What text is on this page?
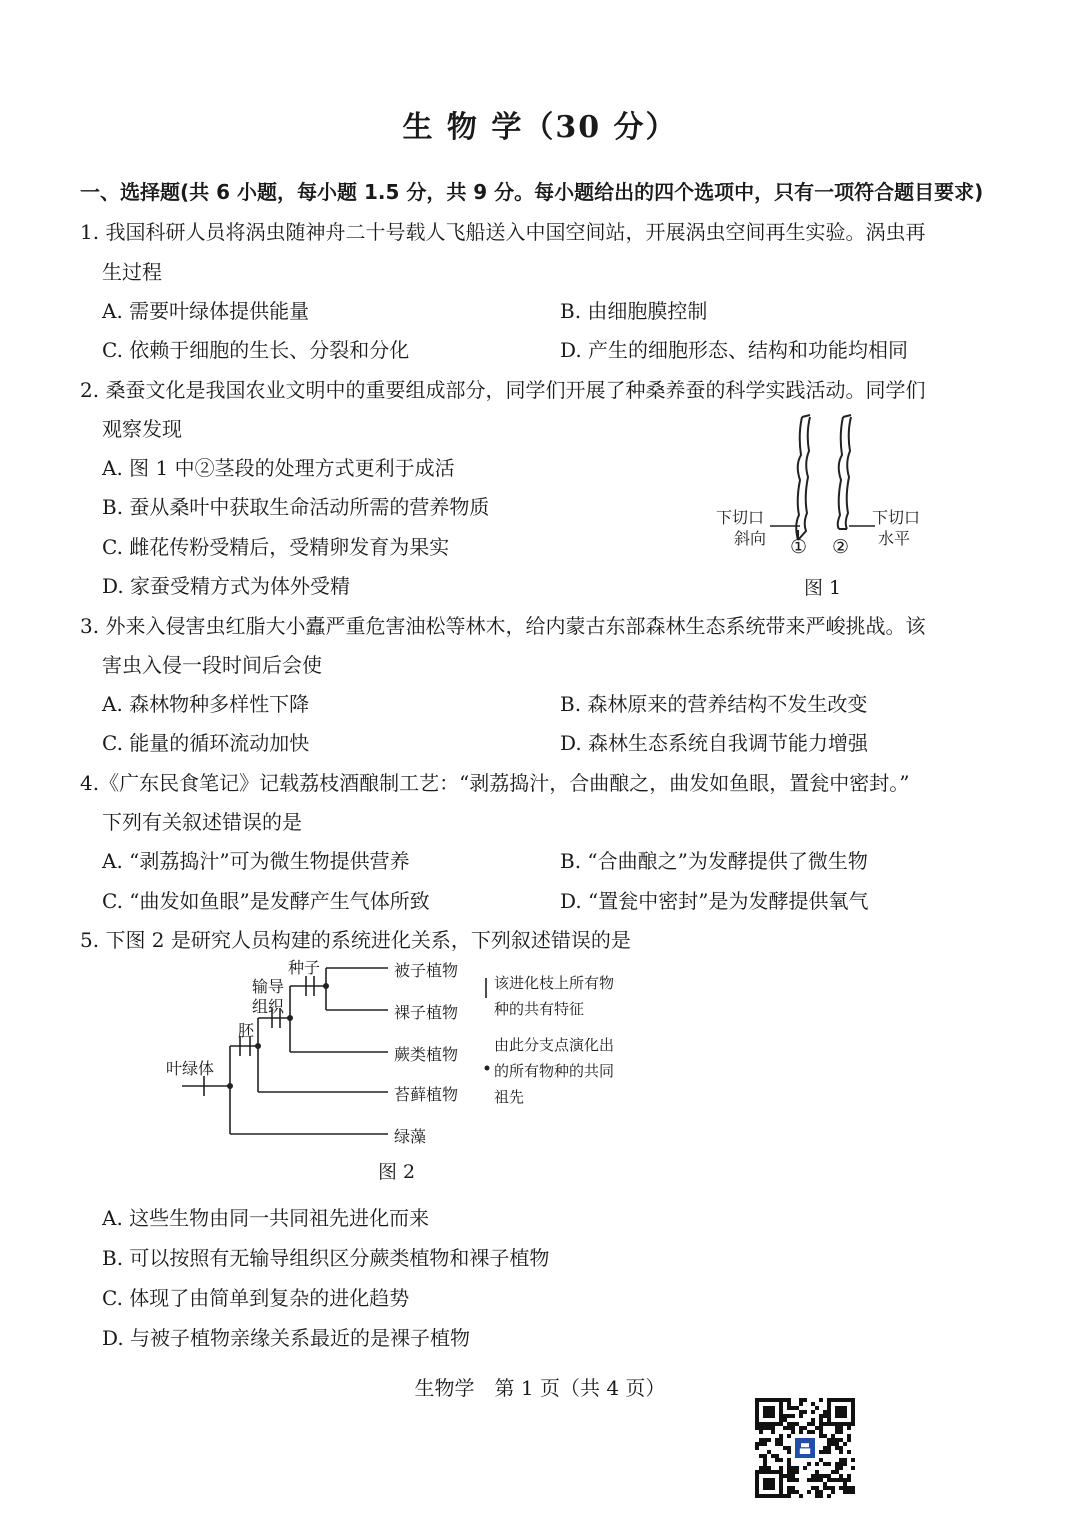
生 物 学（30 分）
一、选择题(共 6 小题，每小题 1.5 分，共 9 分。每小题给出的四个选项中，只有一项符合题目要求)
1. 我国科研人员将涡虫随神舟二十号载人飞船送入中国空间站，开展涡虫空间再生实验。涡虫再
生过程
A. 需要叶绿体提供能量	B. 由细胞膜控制
C. 依赖于细胞的生长、分裂和分化	D. 产生的细胞形态、结构和功能均相同
2. 桑蚕文化是我国农业文明中的重要组成部分，同学们开展了种桑养蚕的科学实践活动。同学们
观察发现
A. 图 1 中②茎段的处理方式更利于成活
B. 蚕从桑叶中获取生命活动所需的营养物质
C. 雌花传粉受精后，受精卵发育为果实
D. 家蚕受精方式为体外受精
下切口
斜向
下切口
水平
① ②
图 1
3. 外来入侵害虫红脂大小蠹严重危害油松等林木，给内蒙古东部森林生态系统带来严峻挑战。该
害虫入侵一段时间后会使
A. 森林物种多样性下降	B. 森林原来的营养结构不发生改变
C. 能量的循环流动加快	D. 森林生态系统自我调节能力增强
4.《广东民食笔记》记载荔枝酒酿制工艺：“剥荔捣汁，合曲酿之，曲发如鱼眼，置瓮中密封。”
下列有关叙述错误的是
A. “剥荔捣汁”可为微生物提供营养	B. “合曲酿之”为发酵提供了微生物
C. “曲发如鱼眼”是发酵产生气体所致	D. “置瓮中密封”是为发酵提供氧气
5. 下图 2 是研究人员构建的系统进化关系，下列叙述错误的是
种子
输导
组织
胚
叶绿体
被子植物
裸子植物
蕨类植物
苔藓植物
绿藻
该进化枝上所有物
种的共有特征
由此分支点演化出
的所有物种的共同
祖先
图 2
A. 这些生物由同一共同祖先进化而来
B. 可以按照有无输导组织区分蕨类植物和裸子植物
C. 体现了由简单到复杂的进化趋势
D. 与被子植物亲缘关系最近的是裸子植物
生物学　第 1 页（共 4 页）
